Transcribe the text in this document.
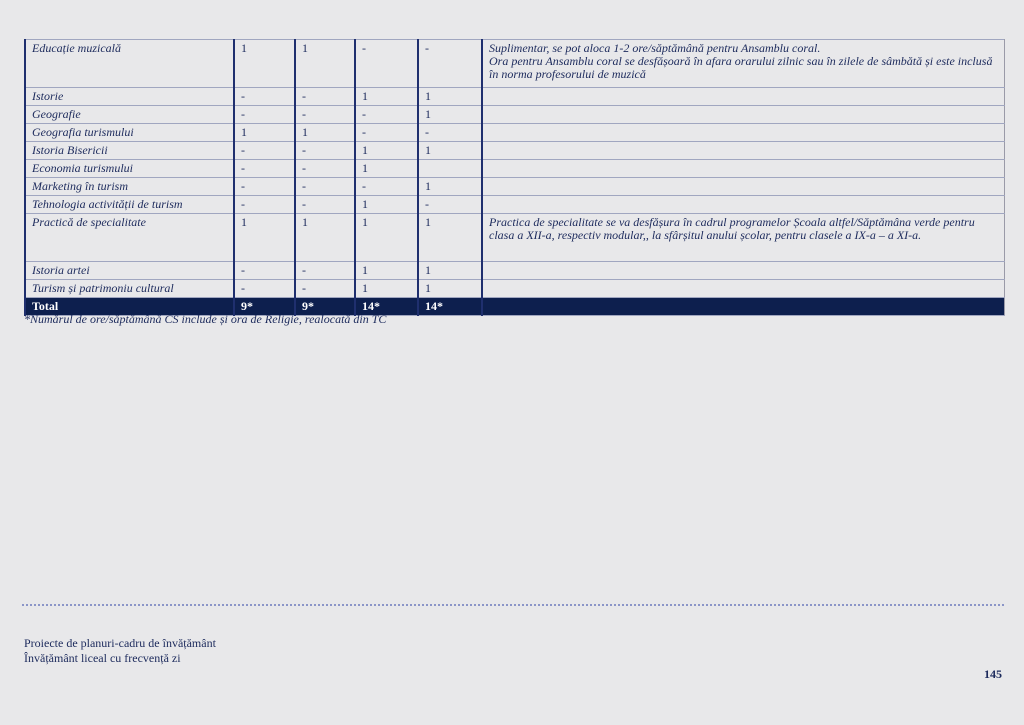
Educație muzicală	1	1	-	-	Suplimentar, se pot aloca 1-2 ore/săptămână pentru Ansamblu coral.
Ora pentru Ansamblu coral se desfășoară în afara orarului zilnic sau în zilele de sâmbătă și este inclusă în norma profesorului de muzică

Istorie	-	-	1	1	
Geografie	-	-	-	1	
Geografia turismului	1	1	-	-	
Istoria Bisericii	-	-	1	1	
Economia turismului	-	-	1		
Marketing în turism	-	-	-	1	
Tehnologia activității de turism	-	-	1	-	
Practică de specialitate	1	1	1	1	Practica de specialitate se va desfășura în cadrul programelor Școala altfel/Săptămâna verde pentru clasa a XII-a, respectiv modular,, la sfârșitul anului școlar, pentru clasele a IX-a – a XI-a.

Istoria artei	-	-	1	1	
Turism și patrimoniu cultural	-	-	1	1	
Total	9*	9*	14*	14*	
*Numărul de ore/săptămână CS include și ora de Religie, realocată din TC
Proiecte de planuri-cadru de învățământ
Învățământ liceal cu frecvență zi
145
